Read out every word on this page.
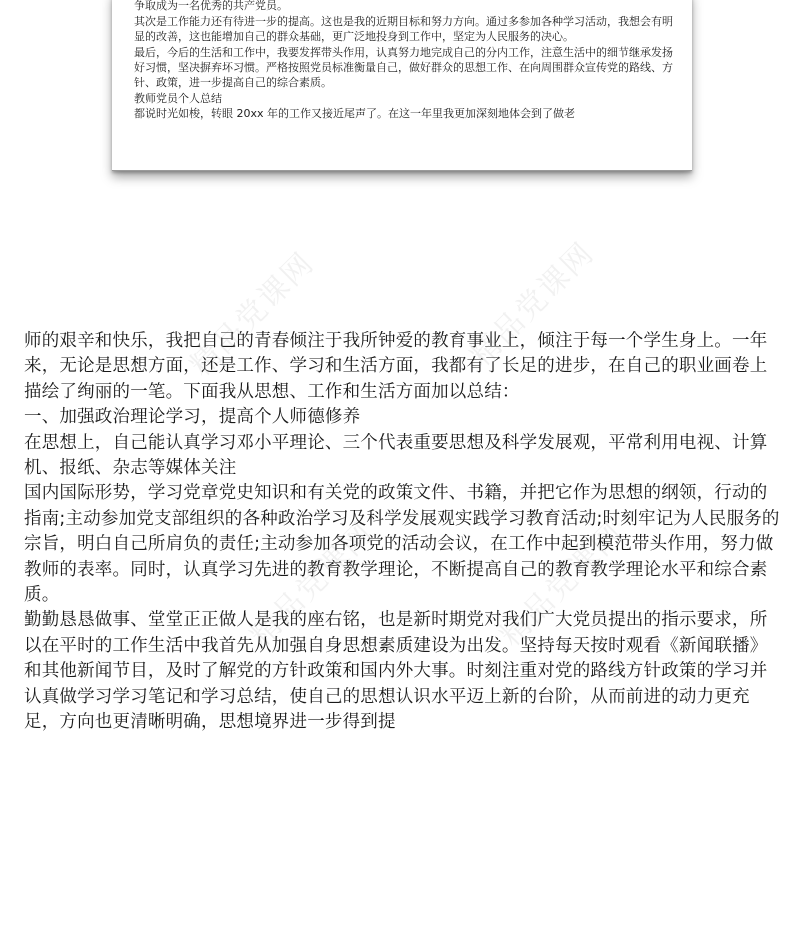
争取成为一名优秀的共产党员。

其次是工作能力还有待进一步的提高。这也是我的近期目标和努力方向。通过多参加各种学习活动，我想会有明显的改善，这也能增加自己的群众基础，更广泛地投身到工作中，坚定为人民服务的决心。

最后，今后的生活和工作中，我要发挥带头作用，认真努力地完成自己的分内工作，注意生活中的细节继承发扬好习惯，坚决摒弃坏习惯。严格按照党员标准衡量自己，做好群众的思想工作、在向周围群众宣传党的路线、方针、政策，进一步提高自己的综合素质。

教师党员个人总结

都说时光如梭，转眼 20xx 年的工作又接近尾声了。在这一年里我更加深刻地体会到了做老

精品党课网	精品党课网
精品党课网
精品党课网

师的艰辛和快乐，我把自己的青春倾注于我所钟爱的教育事业上，倾注于每一个学生身上。一年来，无论是思想方面，还是工作、学习和生活方面，我都有了长足的进步，在自己的职业画卷上描绘了绚丽的一笔。下面我从思想、工作和生活方面加以总结：

一、加强政治理论学习，提高个人师德修养

在思想上，自己能认真学习邓小平理论、三个代表重要思想及科学发展观，平常利用电视、计算机、报纸、杂志等媒体关注

国内国际形势，学习党章党史知识和有关党的政策文件、书籍，并把它作为思想的纲领，行动的指南;主动参加党支部组织的各种政治学习及科学发展观实践学习教育活动;时刻牢记为人民服务的宗旨，明白自己所肩负的责任;主动参加各项党的活动会议，在工作中起到模范带头作用，努力做教师的表率。同时，认真学习先进的教育教学理论，不断提高自己的教育教学理论水平和综合素质。

勤勤恳恳做事、堂堂正正做人是我的座右铭，也是新时期党对我们广大党员提出的指示要求，所以在平时的工作生活中我首先从加强自身思想素质建设为出发。坚持每天按时观看《新闻联播》和其他新闻节目，及时了解党的方针政策和国内外大事。时刻注重对党的路线方针政策的学习并认真做学习学习笔记和学习总结，使自己的思想认识水平迈上新的台阶，从而前进的动力更充足，方向也更清晰明确，思想境界进一步得到提
